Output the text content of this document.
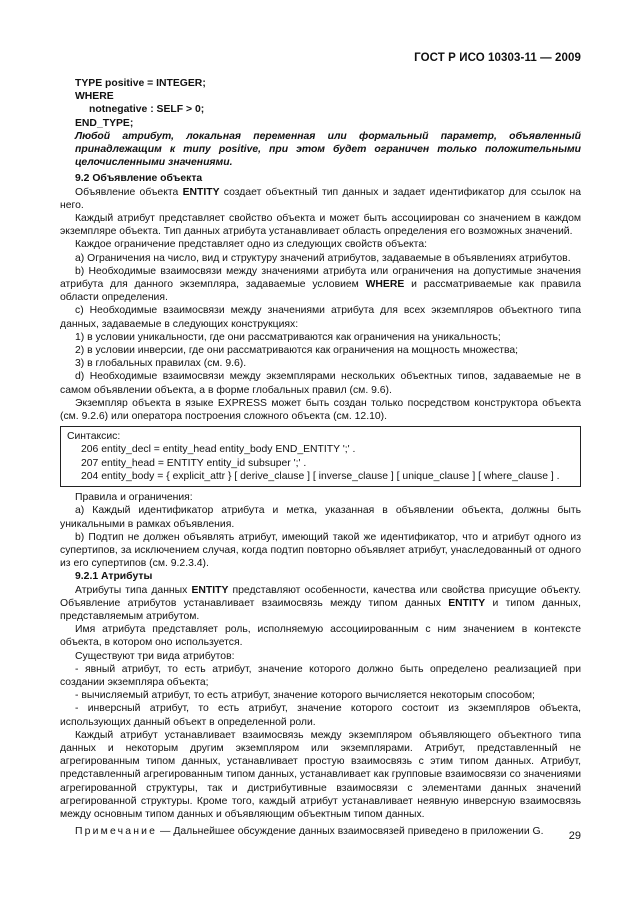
ГОСТ Р ИСО 10303-11 — 2009

TYPE positive = INTEGER;

WHERE

notnegative : SELF > 0;

END_TYPE;

Любой атрибут, локальная переменная или формальный параметр, объявленный принадлежащим к типу positive, при этом будет ограничен только положительными целочисленными значениями.

9.2 Объявление объекта

Объявление объекта ENTITY создает объектный тип данных и задает идентификатор для ссылок на него.

Каждый атрибут представляет свойство объекта и может быть ассоциирован со значением в каждом экземпляре объекта. Тип данных атрибута устанавливает область определения его возможных значений.

Каждое ограничение представляет одно из следующих свойств объекта:

a) Ограничения на число, вид и структуру значений атрибутов, задаваемые в объявлениях атрибутов.

b) Необходимые взаимосвязи между значениями атрибута или ограничения на допустимые значения атрибута для данного экземпляра, задаваемые условием WHERE и рассматриваемые как правила области определения.

c) Необходимые взаимосвязи между значениями атрибута для всех экземпляров объектного типа данных, задаваемые в следующих конструкциях:

1) в условии уникальности, где они рассматриваются как ограничения на уникальность;

2) в условии инверсии, где они рассматриваются как ограничения на мощность множества;

3) в глобальных правилах (см. 9.6).

d) Необходимые взаимосвязи между экземплярами нескольких объектных типов, задаваемые не в самом объявлении объекта, а в форме глобальных правил (см. 9.6).

Экземпляр объекта в языке EXPRESS может быть создан только посредством конструктора объекта (см. 9.2.6) или оператора построения сложного объекта (см. 12.10).

Синтаксис:
206 entity_decl = entity_head entity_body END_ENTITY ';' .
207 entity_head = ENTITY entity_id subsuper ';' .
204 entity_body = { explicit_attr } [ derive_clause ] [ inverse_clause ] [ unique_clause ] [ where_clause ] .

Правила и ограничения:

a) Каждый идентификатор атрибута и метка, указанная в объявлении объекта, должны быть уникальными в рамках объявления.

b) Подтип не должен объявлять атрибут, имеющий такой же идентификатор, что и атрибут одного из супертипов, за исключением случая, когда подтип повторно объявляет атрибут, унаследованный от одного из его супертипов (см. 9.2.3.4).

9.2.1 Атрибуты

Атрибуты типа данных ENTITY представляют особенности, качества или свойства присущие объекту. Объявление атрибутов устанавливает взаимосвязь между типом данных ENTITY и типом данных, представляемым атрибутом.

Имя атрибута представляет роль, исполняемую ассоциированным с ним значением в контексте объекта, в котором оно используется.

Существуют три вида атрибутов:

- явный атрибут, то есть атрибут, значение которого должно быть определено реализацией при создании экземпляра объекта;

- вычисляемый атрибут, то есть атрибут, значение которого вычисляется некоторым способом;

- инверсный атрибут, то есть атрибут, значение которого состоит из экземпляров объекта, использующих данный объект в определенной роли.

Каждый атрибут устанавливает взаимосвязь между экземпляром объявляющего объектного типа данных и некоторым другим экземпляром или экземплярами. Атрибут, представленный не агрегированным типом данных, устанавливает простую взаимосвязь с этим типом данных. Атрибут, представленный агрегированным типом данных, устанавливает как групповые взаимосвязи со значениями агрегированной структуры, так и дистрибутивные взаимосвязи с элементами данных значений агрегированной структуры. Кроме того, каждый атрибут устанавливает неявную инверсную взаимосвязь между основным типом данных и объявляющим объектным типом данных.

Примечание — Дальнейшее обсуждение данных взаимосвязей приведено в приложении G.	29
